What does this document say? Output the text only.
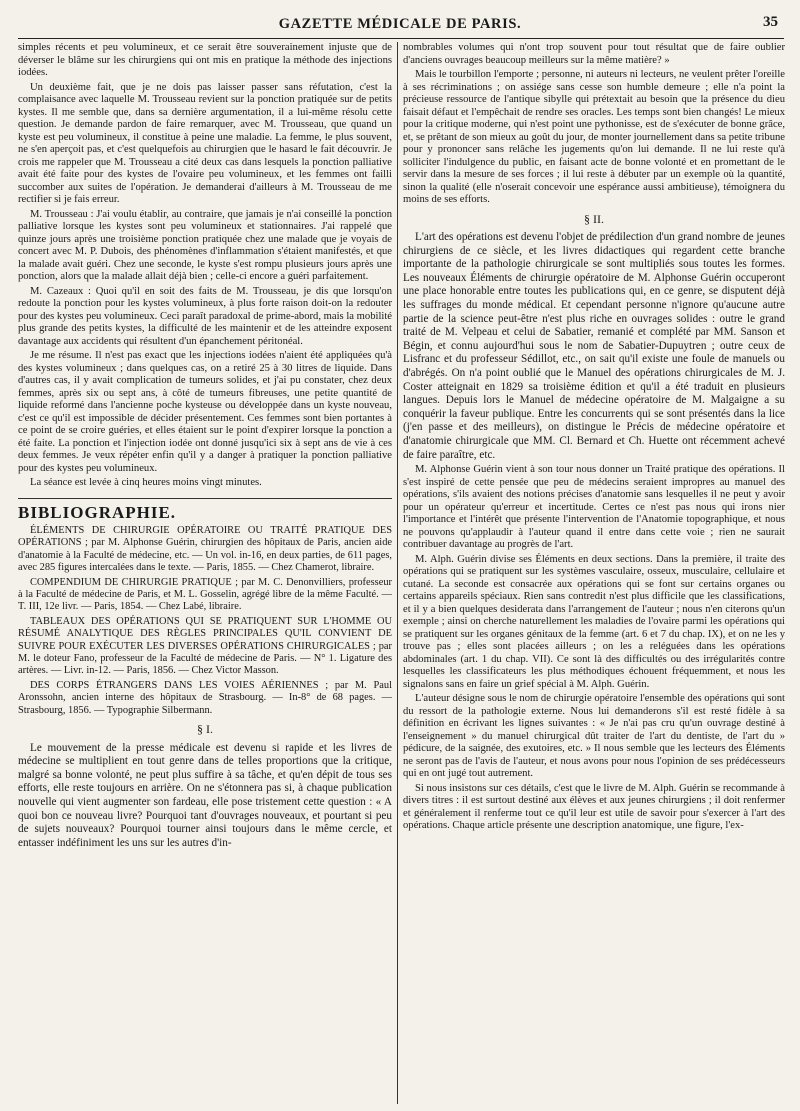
GAZETTE MÉDICALE DE PARIS.	35

simples récents et peu volumineux, et ce serait être souverainement injuste que de déverser le blâme sur les chirurgiens qui ont mis en pratique la méthode des injections iodées.

Un deuxième fait, que je ne dois pas laisser passer sans réfutation, c'est la complaisance avec laquelle M. Trousseau revient sur la ponction pratiquée sur de petits kystes. Il me semble que, dans sa dernière argumentation, il a lui-même résolu cette question. Je demande pardon de faire remarquer, avec M. Trousseau, que quand un kyste est peu volumineux, il constitue à peine une maladie. La femme, le plus souvent, ne s'en aperçoit pas, et c'est quelquefois au chirurgien que le hasard le fait découvrir. Je crois me rappeler que M. Trousseau a cité deux cas dans lesquels la ponction palliative avait été faite pour des kystes de l'ovaire peu volumineux, et les femmes ont failli succomber aux suites de l'opération. Je demanderai d'ailleurs à M. Trousseau de me rectifier si je fais erreur.

M. Trousseau : J'ai voulu établir, au contraire, que jamais je n'ai conseillé la ponction palliative lorsque les kystes sont peu volumineux et stationnaires. J'ai rappelé que quinze jours après une troisième ponction pratiquée chez une malade que je voyais de concert avec M. P. Dubois, des phénomènes d'inflammation s'étaient manifestés, et que la malade avait guéri. Chez une seconde, le kyste s'est rompu plusieurs jours après une ponction, alors que la malade allait déjà bien ; celle-ci encore a guéri parfaitement.

M. Cazeaux : Quoi qu'il en soit des faits de M. Trousseau, je dis que lorsqu'on redoute la ponction pour les kystes volumineux, à plus forte raison doit-on la redouter pour des kystes peu volumineux. Ceci paraît paradoxal de prime-abord, mais la mobilité plus grande des petits kystes, la difficulté de les maintenir et de les atteindre exposent davantage aux accidents qui résultent d'un épanchement péritonéal.

Je me résume. Il n'est pas exact que les injections iodées n'aient été appliquées qu'à des kystes volumineux ; dans quelques cas, on a retiré 25 à 30 litres de liquide. Dans d'autres cas, il y avait complication de tumeurs solides, et j'ai pu constater, chez deux femmes, après six ou sept ans, à côté de tumeurs fibreuses, une petite quantité de liquide reformé dans l'ancienne poche kysteuse ou développée dans un kyste nouveau, c'est ce qu'il est impossible de décider présentement. Ces femmes sont bien portantes à ce point de se croire guéries, et elles étaient sur le point d'expirer lorsque la ponction a été faite. La ponction et l'injection iodée ont donné jusqu'ici six à sept ans de vie à ces deux femmes. Je veux répéter enfin qu'il y a danger à pratiquer la ponction palliative pour des kystes peu volumineux.

La séance est levée à cinq heures moins vingt minutes.

BIBLIOGRAPHIE.

ÉLÉMENTS DE CHIRURGIE OPÉRATOIRE OU TRAITÉ PRATIQUE DES OPÉRATIONS ; par M. Alphonse Guérin, chirurgien des hôpitaux de Paris, ancien aide d'anatomie à la Faculté de médecine, etc. — Un vol. in-16, en deux parties, de 611 pages, avec 285 figures intercalées dans le texte. — Paris, 1855. — Chez Chamerot, libraire.

COMPENDIUM DE CHIRURGIE PRATIQUE ; par M. C. Denonvilliers, professeur à la Faculté de médecine de Paris, et M. L. Gosselin, agrégé libre de la même Faculté. — T. III, 12e livr. — Paris, 1854. — Chez Labé, libraire.

TABLEAUX DES OPÉRATIONS QUI SE PRATIQUENT SUR L'HOMME OU RÉSUMÉ ANALYTIQUE DES RÈGLES PRINCIPALES QU'IL CONVIENT DE SUIVRE POUR EXÉCUTER LES DIVERSES OPÉRATIONS CHIRURGICALES ; par M. le doteur Fano, professeur de la Faculté de médecine de Paris. — N° 1. Ligature des artères. — Livr. in-12. — Paris, 1856. — Chez Victor Masson.

DES CORPS ÉTRANGERS DANS LES VOIES AÉRIENNES ; par M. Paul Aronssohn, ancien interne des hôpitaux de Strasbourg. — In-8° de 68 pages. — Strasbourg, 1856. — Typographie Silbermann.

§ I.

Le mouvement de la presse médicale est devenu si rapide et les livres de médecine se multiplient en tout genre dans de telles proportions que la critique, malgré sa bonne volonté, ne peut plus suffire à sa tâche, et qu'en dépit de tous ses efforts, elle reste toujours en arrière. On ne s'étonnera pas si, à chaque publication nouvelle qui vient augmenter son fardeau, elle pose tristement cette question : « A quoi bon ce nouveau livre? Pourquoi tant d'ouvrages nouveaux, et pourtant si peu de sujets nouveaux? Pourquoi tourner ainsi toujours dans le même cercle, et entasser indéfiniment les uns sur les autres d'in-

nombrables volumes qui n'ont trop souvent pour tout résultat que de faire oublier d'anciens ouvrages beaucoup meilleurs sur la même matière? »

Mais le tourbillon l'emporte ; personne, ni auteurs ni lecteurs, ne veulent prêter l'oreille à ses récriminations ; on assiége sans cesse son humble demeure ; elle n'a point la précieuse ressource de l'antique sibylle qui prétextait au besoin que la présence du dieu faisait défaut et l'empêchait de rendre ses oracles. Les temps sont bien changés! Le mieux pour la critique moderne, qui n'est point une pythonisse, est de s'exécuter de bonne grâce, et, se prêtant de son mieux au goût du jour, de monter journellement dans sa petite tribune pour y prononcer sans relâche les jugements qu'on lui demande. Il ne lui reste qu'à solliciter l'indulgence du public, en faisant acte de bonne volonté et en promettant de le servir dans la mesure de ses forces ; il lui reste à débuter par un exemple où la quantité, sinon la qualité (elle n'oserait concevoir une espérance aussi ambitieuse), témoignera du moins de ses efforts.

§ II.

L'art des opérations est devenu l'objet de prédilection d'un grand nombre de jeunes chirurgiens de ce siècle, et les livres didactiques qui regardent cette branche importante de la pathologie chirurgicale se sont multipliés sous toutes les formes. Les nouveaux Éléments de chirurgie opératoire de M. Alphonse Guérin occuperont une place honorable entre toutes les publications qui, en ce genre, se disputent déjà les suffrages du monde médical. Et cependant personne n'ignore qu'aucune autre partie de la science peut-être n'est plus riche en ouvrages solides : outre le grand traité de M. Velpeau et celui de Sabatier, remanié et complété par MM. Sanson et Bégin, et connu aujourd'hui sous le nom de Sabatier-Dupuytren ; outre ceux de Lisfranc et du professeur Sédillot, etc., on sait qu'il existe une foule de manuels ou d'abrégés. On n'a point oublié que le Manuel des opérations chirurgicales de M. J. Coster atteignait en 1829 sa troisième édition et qu'il a été traduit en plusieurs langues. Depuis lors le Manuel de médecine opératoire de M. Malgaigne a su conquérir la faveur publique. Entre les concurrents qui se sont présentés dans la lice (j'en passe et des meilleurs), on distingue le Précis de médecine opératoire et d'anatomie chirurgicale que MM. Cl. Bernard et Ch. Huette ont récemment achevé de faire paraître, etc.

M. Alphonse Guérin vient à son tour nous donner un Traité pratique des opérations. Il s'est inspiré de cette pensée que peu de médecins seraient impropres au manuel des opérations, s'ils avaient des notions précises d'anatomie sans lesquelles il ne peut y avoir pour un opérateur qu'erreur et incertitude. Certes ce n'est pas nous qui irons nier l'importance et l'intérêt que présente l'intervention de l'Anatomie topographique, et nous ne pouvons qu'applaudir à l'auteur quand il entre dans cette voie ; rien ne saurait contribuer davantage au progrès de l'art.

M. Alph. Guérin divise ses Éléments en deux sections. Dans la première, il traite des opérations qui se pratiquent sur les systèmes vasculaire, osseux, musculaire, cellulaire et cutané. La seconde est consacrée aux opérations qui se font sur certains organes ou certains appareils spéciaux. Rien sans contredit n'est plus difficile que les classifications, et il y a bien quelques desiderata dans l'arrangement de l'auteur ; nous n'en citerons qu'un exemple ; ainsi on cherche naturellement les maladies de l'ovaire parmi les opérations qui se pratiquent sur les organes génitaux de la femme (art. 6 et 7 du chap. IX), et on ne les y trouve pas ; elles sont placées ailleurs ; on les a reléguées dans les opérations abdominales (art. 1 du chap. VII). Ce sont là des difficultés ou des irrégularités contre lesquelles les classificateurs les plus méthodiques échouent fréquemment, et nous les signalons sans en faire un grief spécial à M. Alph. Guérin.

L'auteur désigne sous le nom de chirurgie opératoire l'ensemble des opérations qui sont du ressort de la pathologie externe. Nous lui demanderons s'il est resté fidèle à sa définition en écrivant les lignes suivantes : « Je n'ai pas cru qu'un ouvrage destiné à l'enseignement » du manuel chirurgical dût traiter de l'art du dentiste, de l'art du » pédicure, de la saignée, des exutoires, etc. » Il nous semble que les lecteurs des Éléments ne seront pas de l'avis de l'auteur, et nous avons pour nous l'opinion de ses prédécesseurs qui en ont jugé tout autrement.

Si nous insistons sur ces détails, c'est que le livre de M. Alph. Guérin se recommande à divers titres : il est surtout destiné aux élèves et aux jeunes chirurgiens ; il doit renfermer et généralement il renferme tout ce qu'il leur est utile de savoir pour s'exercer à l'art des opérations. Chaque article présente une description anatomique, une figure, l'ex-
